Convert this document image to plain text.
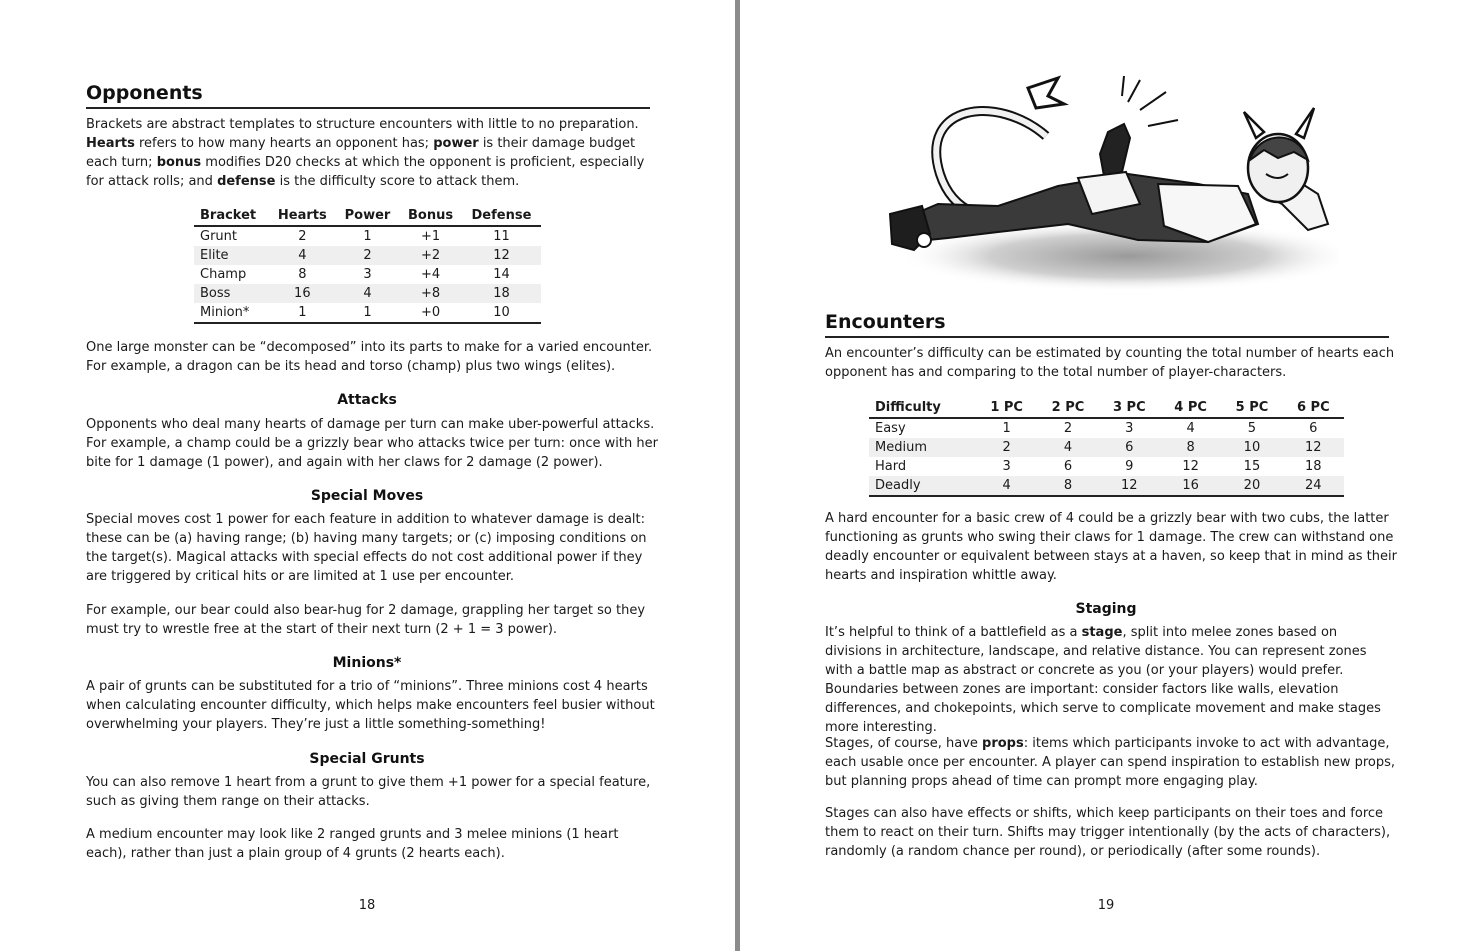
Opponents

Brackets are abstract templates to structure encounters with little to no preparation. Hearts refers to how many hearts an opponent has; power is their damage budget each turn; bonus modifies D20 checks at which the opponent is proficient, especially for attack rolls; and defense is the difficulty score to attack them.

Bracket	Hearts	Power	Bonus	Defense
Grunt	2	1	+1	11
Elite	4	2	+2	12
Champ	8	3	+4	14
Boss	16	4	+8	18
Minion*	1	1	+0	10

One large monster can be “decomposed” into its parts to make for a varied encounter. For example, a dragon can be its head and torso (champ) plus two wings (elites).

Attacks

Opponents who deal many hearts of damage per turn can make uber-powerful attacks. For example, a champ could be a grizzly bear who attacks twice per turn: once with her bite for 1 damage (1 power), and again with her claws for 2 damage (2 power).

Special Moves

Special moves cost 1 power for each feature in addition to whatever damage is dealt: these can be (a) having range; (b) having many targets; or (c) imposing conditions on the target(s). Magical attacks with special effects do not cost additional power if they are triggered by critical hits or are limited at 1 use per encounter.

For example, our bear could also bear-hug for 2 damage, grappling her target so they must try to wrestle free at the start of their next turn (2 + 1 = 3 power).

Minions*

A pair of grunts can be substituted for a trio of “minions”. Three minions cost 4 hearts when calculating encounter difficulty, which helps make encounters feel busier without overwhelming your players. They’re just a little something-something!

Special Grunts

You can also remove 1 heart from a grunt to give them +1 power for a special feature, such as giving them range on their attacks.

A medium encounter may look like 2 ranged grunts and 3 melee minions (1 heart each), rather than just a plain group of 4 grunts (2 hearts each).

18
Encounters

An encounter’s difficulty can be estimated by counting the total number of hearts each opponent has and comparing to the total number of player-characters.

Difficulty	1 PC	2 PC	3 PC	4 PC	5 PC	6 PC
Easy	1	2	3	4	5	6
Medium	2	4	6	8	10	12
Hard	3	6	9	12	15	18
Deadly	4	8	12	16	20	24

A hard encounter for a basic crew of 4 could be a grizzly bear with two cubs, the latter functioning as grunts who swing their claws for 1 damage. The crew can withstand one deadly encounter or equivalent between stays at a haven, so keep that in mind as their hearts and inspiration whittle away.

Staging

It’s helpful to think of a battlefield as a stage, split into melee zones based on divisions in architecture, landscape, and relative distance. You can represent zones with a battle map as abstract or concrete as you (or your players) would prefer. Boundaries between zones are important: consider factors like walls, elevation differences, and chokepoints, which serve to complicate movement and make stages more interesting.

Stages, of course, have props: items which participants invoke to act with advantage, each usable once per encounter. A player can spend inspiration to establish new props, but planning props ahead of time can prompt more engaging play.

Stages can also have effects or shifts, which keep participants on their toes and force them to react on their turn. Shifts may trigger intentionally (by the acts of characters), randomly (a random chance per round), or periodically (after some rounds).

19
